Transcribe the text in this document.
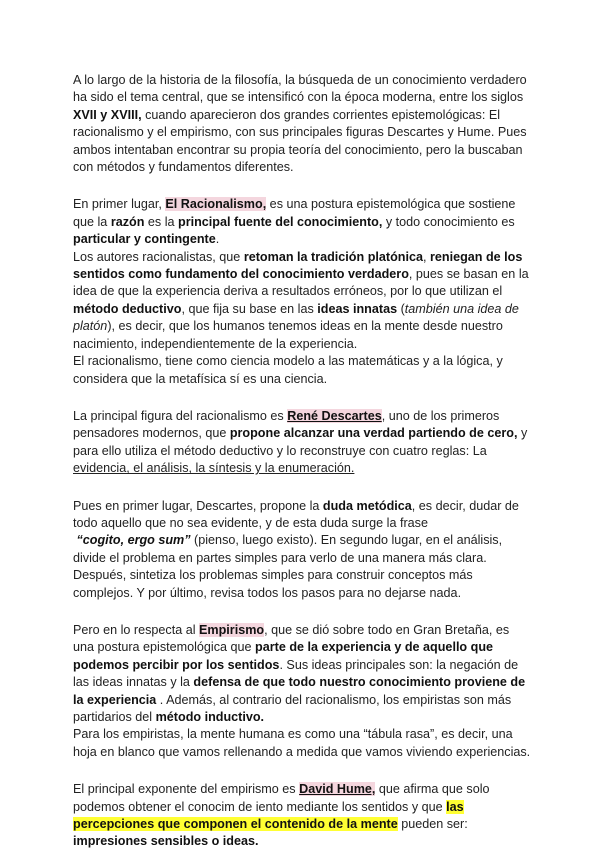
A lo largo de la historia de la filosofía, la búsqueda de un conocimiento verdadero ha sido el tema central, que se intensificó con la época moderna, entre los siglos XVII y XVIII, cuando aparecieron dos grandes corrientes epistemológicas: El racionalismo y el empirismo, con sus principales figuras Descartes y Hume. Pues ambos intentaban encontrar su propia teoría del conocimiento, pero la buscaban con métodos y fundamentos diferentes.

En primer lugar, El Racionalismo, es una postura epistemológica que sostiene que la razón es la principal fuente del conocimiento, y todo conocimiento es particular y contingente.
Los autores racionalistas, que retoman la tradición platónica, reniegan de los sentidos como fundamento del conocimiento verdadero, pues se basan en la idea de que la experiencia deriva a resultados erróneos, por lo que utilizan el método deductivo, que fija su base en las ideas innatas (también una idea de platón), es decir, que los humanos tenemos ideas en la mente desde nuestro nacimiento, independientemente de la experiencia.
El racionalismo, tiene como ciencia modelo a las matemáticas y a la lógica, y considera que la metafísica sí es una ciencia.

La principal figura del racionalismo es René Descartes, uno de los primeros pensadores modernos, que propone alcanzar una verdad partiendo de cero, y para ello utiliza el método deductivo y lo reconstruye con cuatro reglas: La evidencia, el análisis, la síntesis y la enumeración.

Pues en primer lugar, Descartes, propone la duda metódica, es decir, dudar de todo aquello que no sea evidente, y de esta duda surge la frase
“cogito, ergo sum” (pienso, luego existo). En segundo lugar, en el análisis, divide el problema en partes simples para verlo de una manera más clara. Después, sintetiza los problemas simples para construir conceptos más complejos. Y por último, revisa todos los pasos para no dejarse nada.

Pero en lo respecta al Empirismo, que se dió sobre todo en Gran Bretaña, es una postura epistemológica que parte de la experiencia y de aquello que podemos percibir por los sentidos. Sus ideas principales son: la negación de las ideas innatas y la defensa de que todo nuestro conocimiento proviene de la experiencia . Además, al contrario del racionalismo, los empiristas son más partidarios del método inductivo.
Para los empiristas, la mente humana es como una “tábula rasa”, es decir, una hoja en blanco que vamos rellenando a medida que vamos viviendo experiencias.

El principal exponente del empirismo es David Hume, que afirma que solo podemos obtener el conocim de iento mediante los sentidos y que las percepciones que componen el contenido de la mente pueden ser: impresiones sensibles o ideas.
